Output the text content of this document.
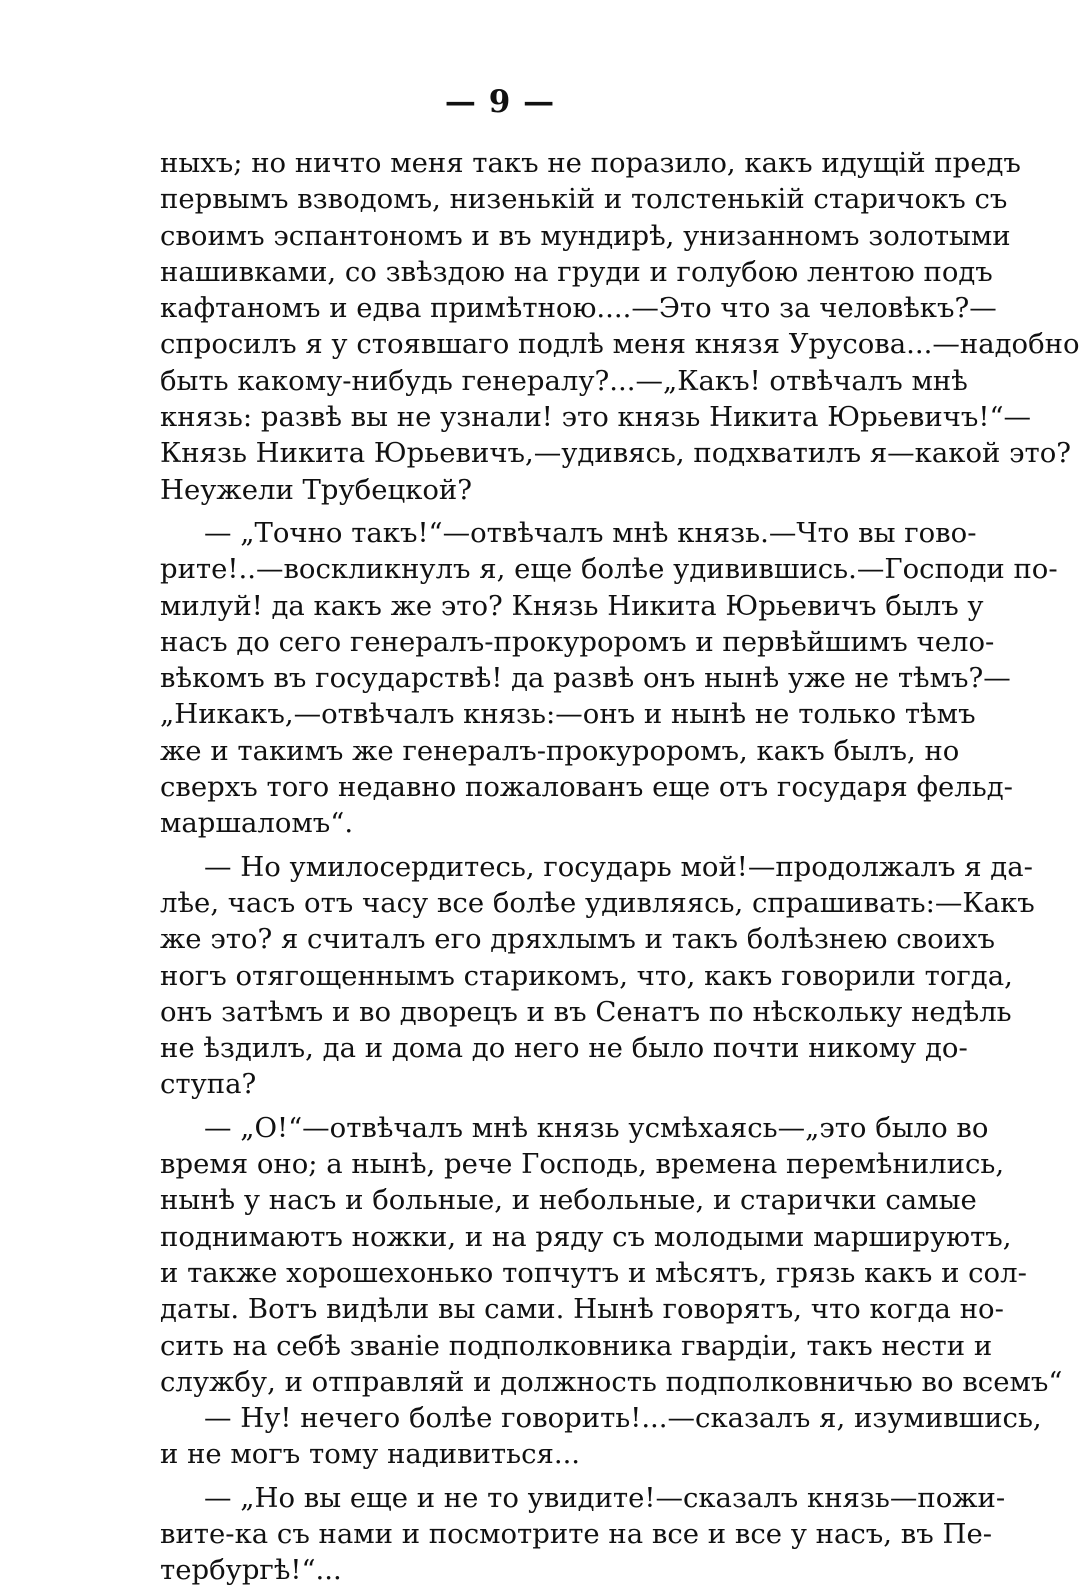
— 9 —
ныхъ; но ничто меня такъ не поразило, какъ идущій предъ
первымъ взводомъ, низенькій и толстенькій старичокъ съ
своимъ эспантономъ и въ мундирѣ, унизанномъ золотыми
нашивками, со звѣздою на груди и голубою лентою подъ
кафтаномъ и едва примѣтною....—Это что за человѣкъ?—
спросилъ я у стоявшаго подлѣ меня князя Урусова...—надобно
быть какому-нибудь генералу?...—„Какъ! отвѣчалъ мнѣ
князь: развѣ вы не узнали! это князь Никита Юрьевичъ!“—
Князь Никита Юрьевичъ,—удивясь, подхватилъ я—какой это?
Неужели Трубецкой?
— „Точно такъ!“—отвѣчалъ мнѣ князь.—Что вы гово-
рите!..—воскликнулъ я, еще болѣе удивившись.—Господи по-
милуй! да какъ же это? Князь Никита Юрьевичъ былъ у
насъ до сего генералъ-прокуроромъ и первѣйшимъ чело-
вѣкомъ въ государствѣ! да развѣ онъ нынѣ уже не тѣмъ?—
„Никакъ,—отвѣчалъ князь:—онъ и нынѣ не только тѣмъ
же и такимъ же генералъ-прокуроромъ, какъ былъ, но
сверхъ того недавно пожалованъ еще отъ государя фельд-
маршаломъ“.
— Но умилосердитесь, государь мой!—продолжалъ я да-
лѣе, часъ отъ часу все болѣе удивляясь, спрашивать:—Какъ
же это? я считалъ его дряхлымъ и такъ болѣзнею своихъ
ногъ отягощеннымъ старикомъ, что, какъ говорили тогда,
онъ затѣмъ и во дворецъ и въ Сенатъ по нѣскольку недѣль
не ѣздилъ, да и дома до него не было почти никому до-
ступа?
— „О!“—отвѣчалъ мнѣ князь усмѣхаясь—„это было во
время оно; а нынѣ, рече Господь, времена перемѣнились,
нынѣ у насъ и больные, и небольные, и старички самые
поднимаютъ ножки, и на ряду съ молодыми маршируютъ,
и также хорошехонько топчутъ и мѣсятъ, грязь какъ и сол-
даты. Вотъ видѣли вы сами. Нынѣ говорятъ, что когда но-
сить на себѣ званіе подполковника гвардіи, такъ нести и
службу, и отправляй и должность подполковничью во всемъ“
— Ну! нечего болѣе говорить!...—сказалъ я, изумившись,
и не могъ тому надивиться...
— „Но вы еще и не то увидите!—сказалъ князь—пожи-
вите-ка съ нами и посмотрите на все и все у насъ, въ Пе-
тербургѣ!“...
